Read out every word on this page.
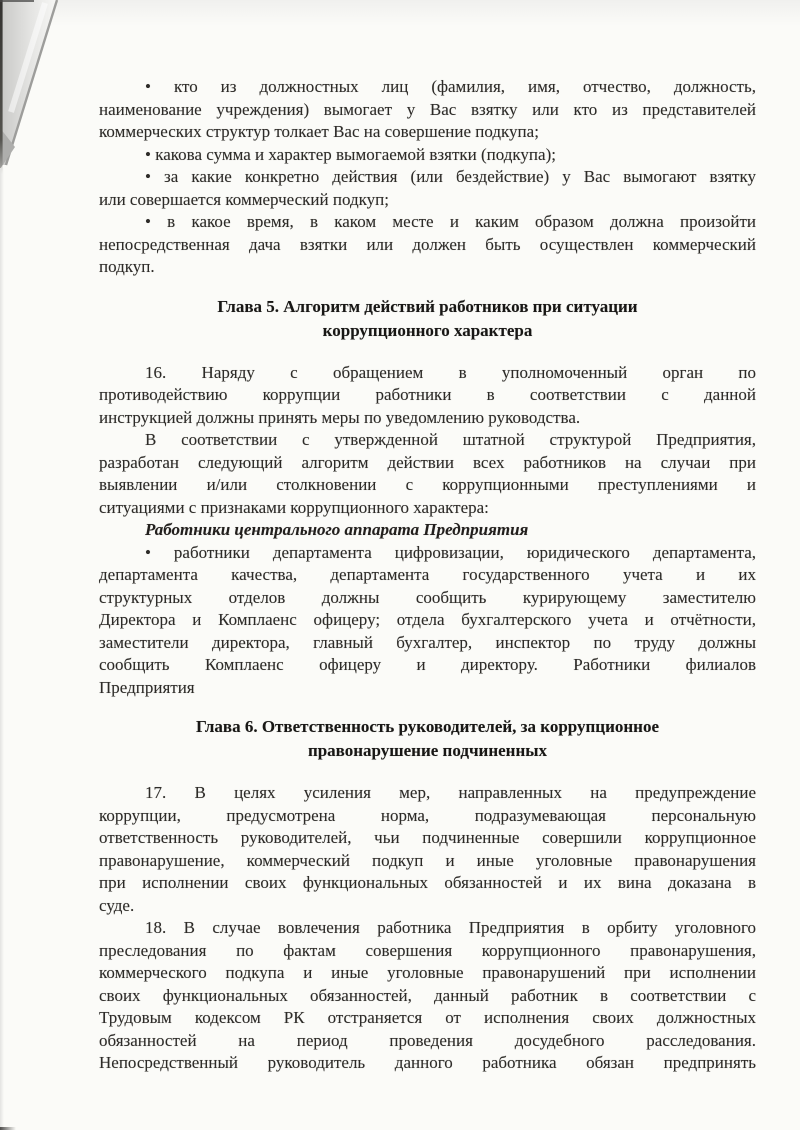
• кто из должностных лиц (фамилия, имя, отчество, должность,
наименование учреждения) вымогает у Вас взятку или кто из представителей
коммерческих структур толкает Вас на совершение подкупа;
• какова сумма и характер вымогаемой взятки (подкупа);
• за какие конкретно действия (или бездействие) у Вас вымогают взятку
или совершается коммерческий подкуп;
• в какое время, в каком месте и каким образом должна произойти
непосредственная дача взятки или должен быть осуществлен коммерческий
подкуп.
Глава 5. Алгоритм действий работников при ситуации
коррупционного характера
16. Наряду с обращением в уполномоченный орган по
противодействию коррупции работники в соответствии с данной
инструкцией должны принять меры по уведомлению руководства.
В соответствии с утвержденной штатной структурой Предприятия,
разработан следующий алгоритм действии всех работников на случаи при
выявлении и/или столкновении с коррупционными преступлениями и
ситуациями с признаками коррупционного характера:
Работники центрального аппарата Предприятия
• работники департамента цифровизации, юридического департамента,
департамента качества, департамента государственного учета и их
структурных отделов должны сообщить курирующему заместителю
Директора и Комплаенс офицеру; отдела бухгалтерского учета и отчётности,
заместители директора, главный бухгалтер, инспектор по труду должны
сообщить Комплаенс офицеру и директору. Работники филиалов
Предприятия
Глава 6. Ответственность руководителей, за коррупционное
правонарушение подчиненных
17. В целях усиления мер, направленных на предупреждение
коррупции, предусмотрена норма, подразумевающая персональную
ответственность руководителей, чьи подчиненные совершили коррупционное
правонарушение, коммерческий подкуп и иные уголовные правонарушения
при исполнении своих функциональных обязанностей и их вина доказана в
суде.
18. В случае вовлечения работника Предприятия в орбиту уголовного
преследования по фактам совершения коррупционного правонарушения,
коммерческого подкупа и иные уголовные правонарушений при исполнении
своих функциональных обязанностей, данный работник в соответствии с
Трудовым кодексом РК отстраняется от исполнения своих должностных
обязанностей на период проведения досудебного расследования.
Непосредственный руководитель данного работника обязан предпринять
